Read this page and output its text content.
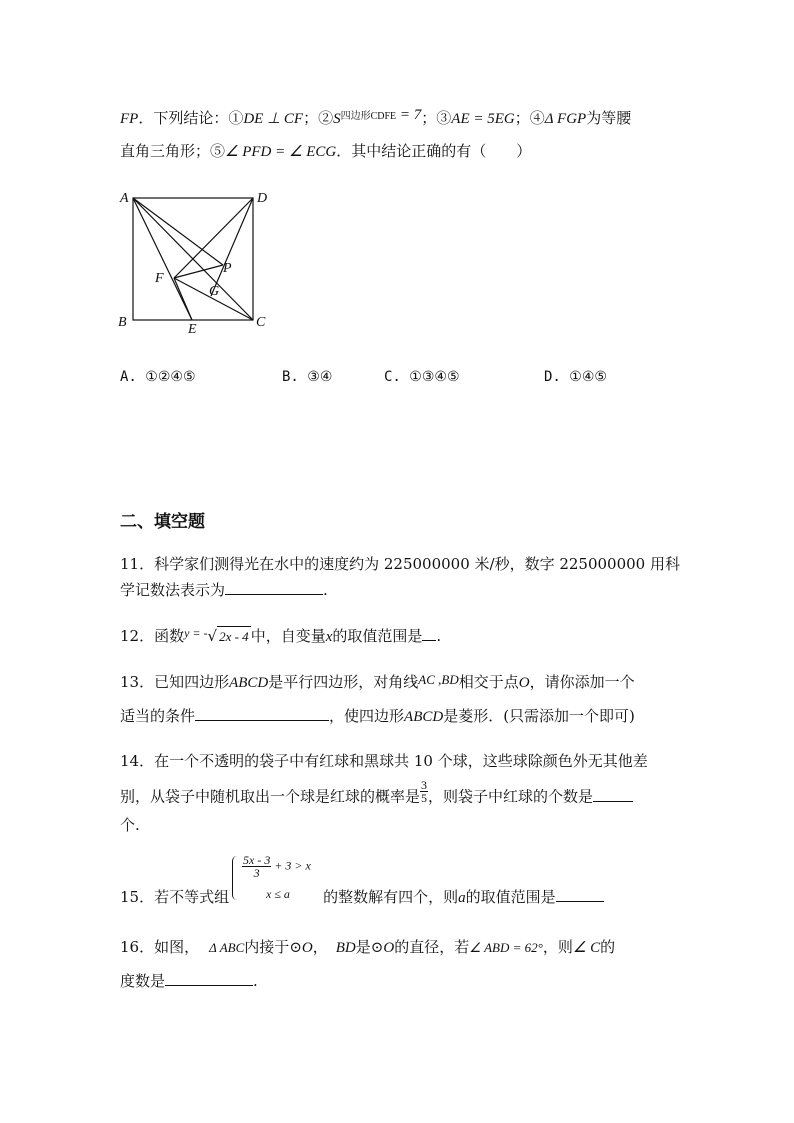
FP．下列结论：①DE ⊥ CF；$②S^{四边形CDFE} = 7$；③AE = 5EG；④Δ FGP为等腰
直角三角形；⑤∠ PFD = ∠ ECG．其中结论正确的有（　　）
A	D
B	C
E
F
G
P
A. ①②④⑤	B. ③④	C. ①③④⑤	D. ①④⑤
二、填空题
11．科学家们测得光在水中的速度约为 225000000 米/秒，数字 225000000 用科
学记数法表示为	.
12．函数$^{y = -}$√ 2x - 4 中，自变量x的取值范围是 .
13．已知四边形ABCD是平行四边形，对角线AC ,BD相交于点O，请你添加一个
适当的条件	，使四边形ABCD是菱形．(只需添加一个即可)
14．在一个不透明的袋子中有红球和黑球共 10 个球，这些球除颜色外无其他差
别，从袋子中随机取出一个球是红球的概率是 $\frac{3}{5}$ ，则袋子中红球的个数是
个.
$\frac{5x - 3}{3} + 3 > x$
x ≤ a
15．若不等式组	的整数解有四个，则a的取值范围是
16．如图， Δ ABC内接于⊙O， BD是⊙O的直径，若∠ ABD = 62°，则∠ C的
度数是	.
